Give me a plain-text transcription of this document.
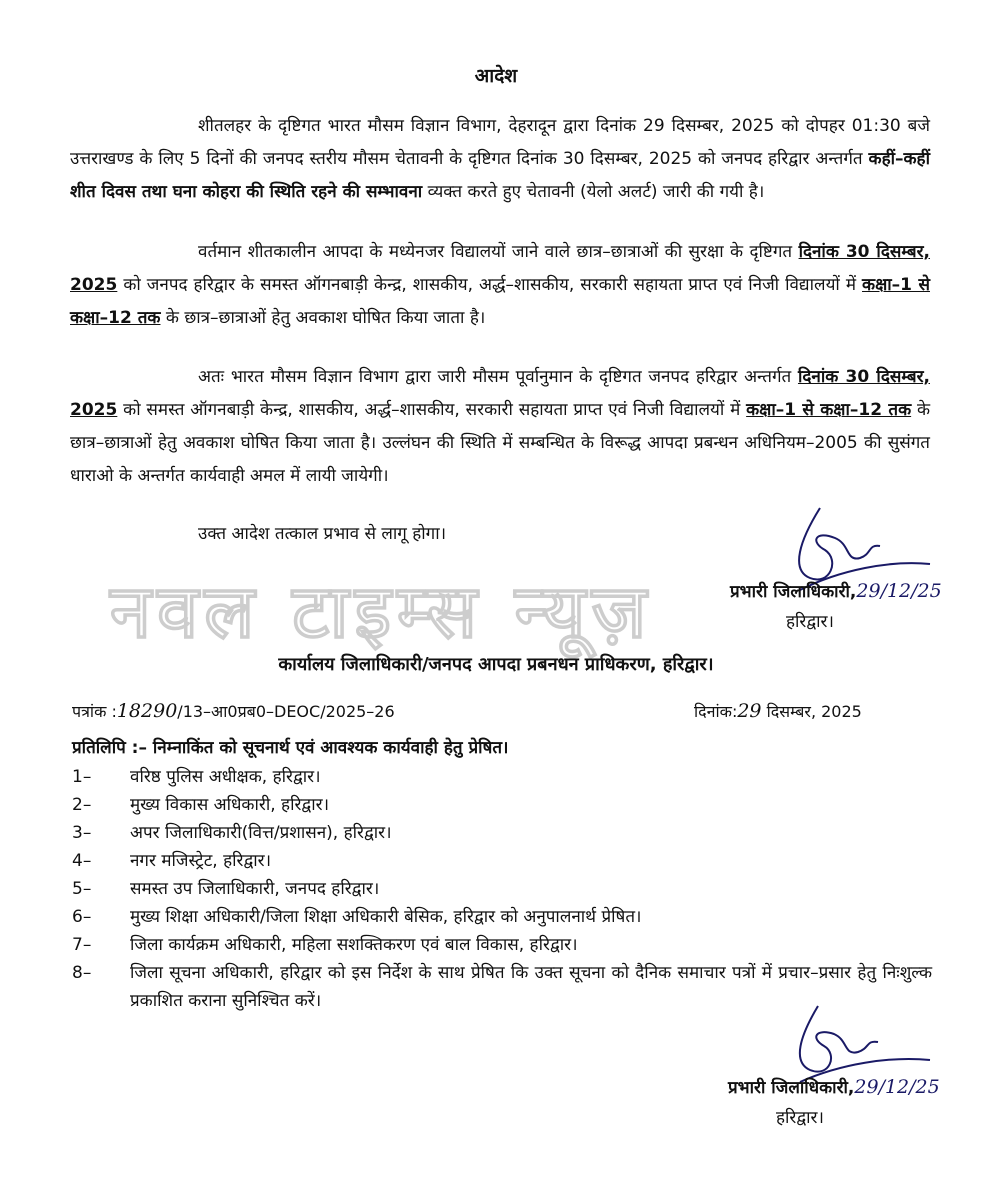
आदेश
शीतलहर के दृष्टिगत भारत मौसम विज्ञान विभाग, देहरादून द्वारा दिनांक 29 दिसम्बर, 2025 को दोपहर 01:30 बजे उत्तराखण्ड के लिए 5 दिनों की जनपद स्तरीय मौसम चेतावनी के दृष्टिगत दिनांक 30 दिसम्बर, 2025 को जनपद हरिद्वार अन्तर्गत कहीं–कहीं शीत दिवस तथा घना कोहरा की स्थिति रहने की सम्भावना व्यक्त करते हुए चेतावनी (येलो अलर्ट) जारी की गयी है।
वर्तमान शीतकालीन आपदा के मध्येनजर विद्यालयों जाने वाले छात्र–छात्राओं की सुरक्षा के दृष्टिगत दिनांक 30 दिसम्बर, 2025 को जनपद हरिद्वार के समस्त ऑगनबाड़ी केन्द्र, शासकीय, अर्द्ध–शासकीय, सरकारी सहायता प्राप्त एवं निजी विद्यालयों में कक्षा–1 से कक्षा–12 तक के छात्र–छात्राओं हेतु अवकाश घोषित किया जाता है।
अतः भारत मौसम विज्ञान विभाग द्वारा जारी मौसम पूर्वानुमान के दृष्टिगत जनपद हरिद्वार अन्तर्गत दिनांक 30 दिसम्बर, 2025 को समस्त ऑगनबाड़ी केन्द्र, शासकीय, अर्द्ध–शासकीय, सरकारी सहायता प्राप्त एवं निजी विद्यालयों में कक्षा–1 से कक्षा–12 तक के छात्र–छात्राओं हेतु अवकाश घोषित किया जाता है। उल्लंघन की स्थिति में सम्बन्धित के विरूद्ध आपदा प्रबन्धन अधिनियम–2005 की सुसंगत धाराओ के अन्तर्गत कार्यवाही अमल में लायी जायेगी।
उक्त आदेश तत्काल प्रभाव से लागू होगा।
नवल टाइम्स न्यूज़	प्रभारी जिलाधिकारी,29/12/25
हरिद्वार।
कार्यालय जिलाधिकारी/जनपद आपदा प्रबनधन प्राधिकरण, हरिद्वार।
पत्रांक :18290/13–आ0प्रब0–DEOC/2025–26	दिनांक:29 दिसम्बर, 2025
प्रतिलिपि :– निम्नाकिंत को सूचनार्थ एवं आवश्यक कार्यवाही हेतु प्रेषित।
1–	वरिष्ठ पुलिस अधीक्षक, हरिद्वार।
2–	मुख्य विकास अधिकारी, हरिद्वार।
3–	अपर जिलाधिकारी(वित्त/प्रशासन), हरिद्वार।
4–	नगर मजिस्ट्रेट, हरिद्वार।
5–	समस्त उप जिलाधिकारी, जनपद हरिद्वार।
6–	मुख्य शिक्षा अधिकारी/जिला शिक्षा अधिकारी बेसिक, हरिद्वार को अनुपालनार्थ प्रेषित।
7–	जिला कार्यक्रम अधिकारी, महिला सशक्तिकरण एवं बाल विकास, हरिद्वार।
8–	जिला सूचना अधिकारी, हरिद्वार को इस निर्देश के साथ प्रेषित कि उक्त सूचना को दैनिक समाचार पत्रों में प्रचार–प्रसार हेतु निःशुल्क प्रकाशित कराना सुनिश्चित करें।
प्रभारी जिलाधिकारी,29/12/25
हरिद्वार।
